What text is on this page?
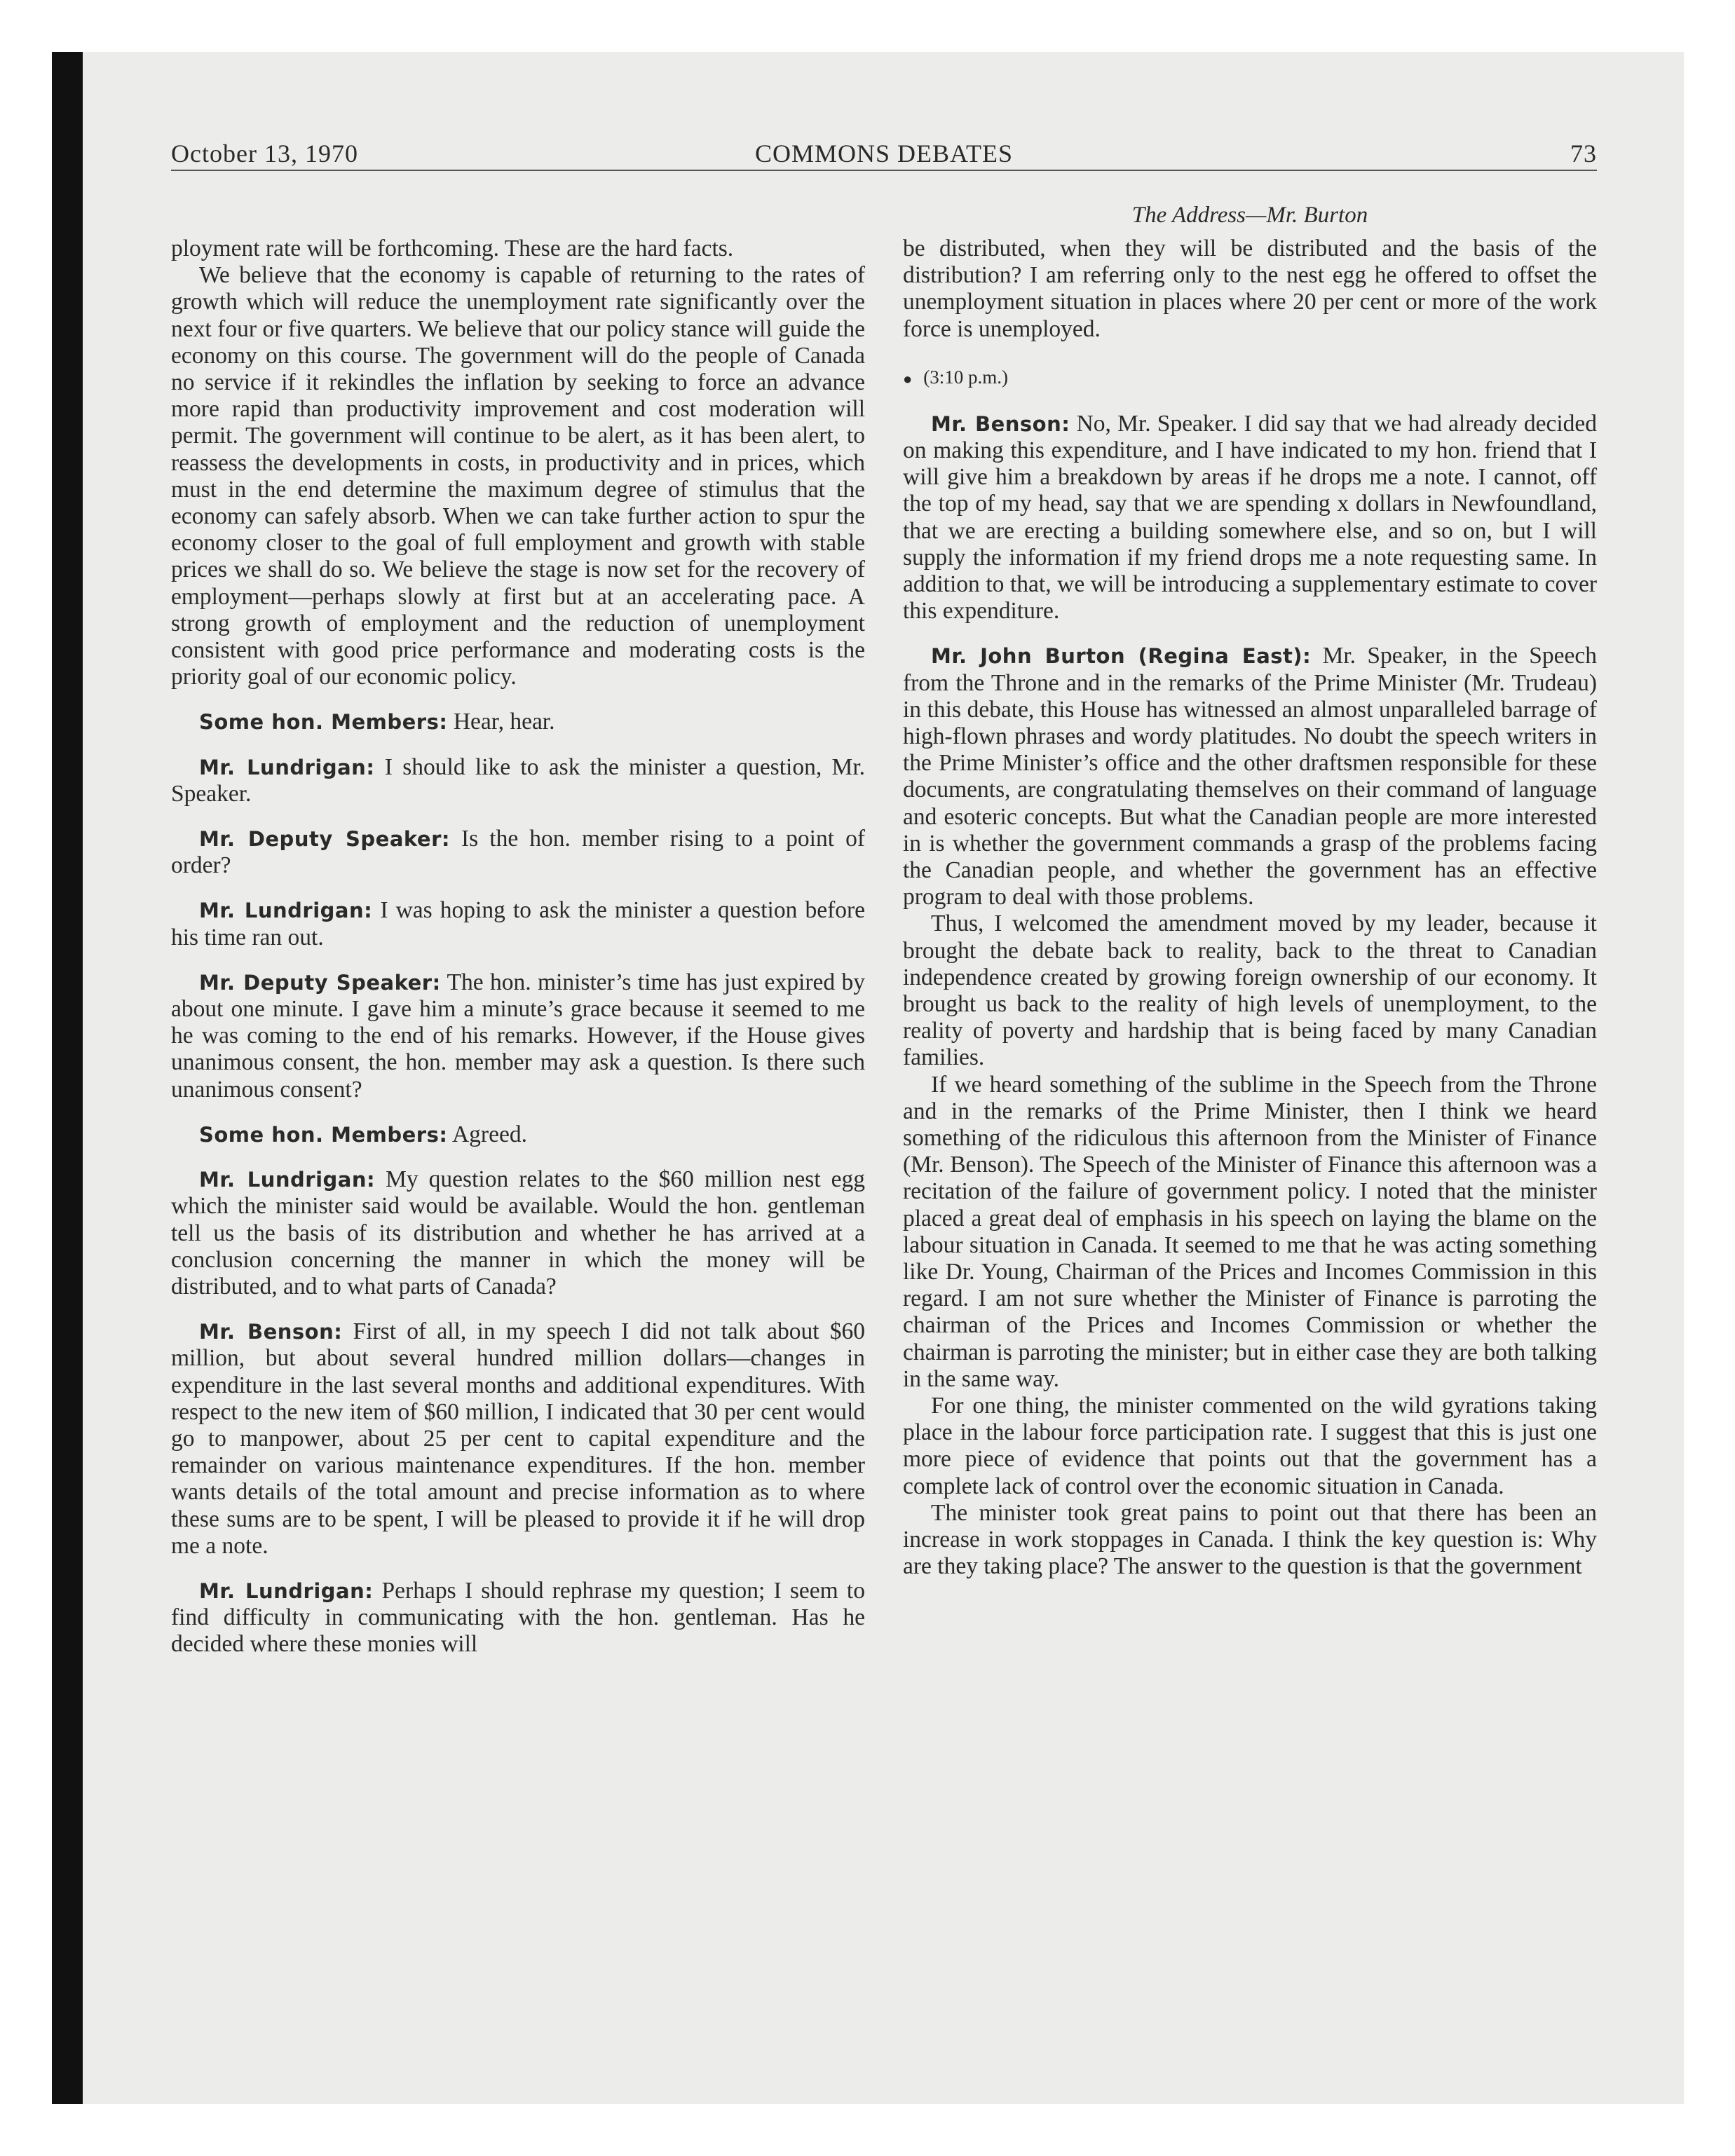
October 13, 1970	COMMONS DEBATES	73

ployment rate will be forthcoming. These are the hard facts.

We believe that the economy is capable of returning to the rates of growth which will reduce the unemployment rate significantly over the next four or five quarters. We believe that our policy stance will guide the economy on this course. The government will do the people of Canada no service if it rekindles the inflation by seeking to force an advance more rapid than productivity improvement and cost moderation will permit. The government will continue to be alert, as it has been alert, to reassess the developments in costs, in productivity and in prices, which must in the end determine the maximum degree of stimulus that the economy can safely absorb. When we can take further action to spur the economy closer to the goal of full employment and growth with stable prices we shall do so. We believe the stage is now set for the recovery of employment—perhaps slowly at first but at an accelerating pace. A strong growth of employment and the reduction of unemployment consistent with good price performance and moderating costs is the priority goal of our economic policy.

Some hon. Members: Hear, hear.

Mr. Lundrigan: I should like to ask the minister a question, Mr. Speaker.

Mr. Deputy Speaker: Is the hon. member rising to a point of order?

Mr. Lundrigan: I was hoping to ask the minister a question before his time ran out.

Mr. Deputy Speaker: The hon. minister’s time has just expired by about one minute. I gave him a minute’s grace because it seemed to me he was coming to the end of his remarks. However, if the House gives unanimous consent, the hon. member may ask a question. Is there such unanimous consent?

Some hon. Members: Agreed.

Mr. Lundrigan: My question relates to the $60 million nest egg which the minister said would be available. Would the hon. gentleman tell us the basis of its distribution and whether he has arrived at a conclusion concerning the manner in which the money will be distributed, and to what parts of Canada?

Mr. Benson: First of all, in my speech I did not talk about $60 million, but about several hundred million dollars—changes in expenditure in the last several months and additional expenditures. With respect to the new item of $60 million, I indicated that 30 per cent would go to manpower, about 25 per cent to capital expenditure and the remainder on various maintenance expenditures. If the hon. member wants details of the total amount and precise information as to where these sums are to be spent, I will be pleased to provide it if he will drop me a note.

Mr. Lundrigan: Perhaps I should rephrase my question; I seem to find difficulty in communicating with the hon. gentleman. Has he decided where these monies will

The Address—Mr. Burton

be distributed, when they will be distributed and the basis of the distribution? I am referring only to the nest egg he offered to offset the unemployment situation in places where 20 per cent or more of the work force is unemployed.

● (3:10 p.m.)

Mr. Benson: No, Mr. Speaker. I did say that we had already decided on making this expenditure, and I have indicated to my hon. friend that I will give him a breakdown by areas if he drops me a note. I cannot, off the top of my head, say that we are spending x dollars in Newfoundland, that we are erecting a building somewhere else, and so on, but I will supply the information if my friend drops me a note requesting same. In addition to that, we will be introducing a supplementary estimate to cover this expenditure.

Mr. John Burton (Regina East): Mr. Speaker, in the Speech from the Throne and in the remarks of the Prime Minister (Mr. Trudeau) in this debate, this House has witnessed an almost unparalleled barrage of high-flown phrases and wordy platitudes. No doubt the speech writers in the Prime Minister’s office and the other draftsmen responsible for these documents, are congratulating themselves on their command of language and esoteric concepts. But what the Canadian people are more interested in is whether the government commands a grasp of the problems facing the Canadian people, and whether the government has an effective program to deal with those problems.

Thus, I welcomed the amendment moved by my leader, because it brought the debate back to reality, back to the threat to Canadian independence created by growing foreign ownership of our economy. It brought us back to the reality of high levels of unemployment, to the reality of poverty and hardship that is being faced by many Canadian families.

If we heard something of the sublime in the Speech from the Throne and in the remarks of the Prime Minister, then I think we heard something of the ridiculous this afternoon from the Minister of Finance (Mr. Benson). The Speech of the Minister of Finance this afternoon was a recitation of the failure of government policy. I noted that the minister placed a great deal of emphasis in his speech on laying the blame on the labour situation in Canada. It seemed to me that he was acting something like Dr. Young, Chairman of the Prices and Incomes Commission in this regard. I am not sure whether the Minister of Finance is parroting the chairman of the Prices and Incomes Commission or whether the chairman is parroting the minister; but in either case they are both talking in the same way.

For one thing, the minister commented on the wild gyrations taking place in the labour force participation rate. I suggest that this is just one more piece of evidence that points out that the government has a complete lack of control over the economic situation in Canada.

The minister took great pains to point out that there has been an increase in work stoppages in Canada. I think the key question is: Why are they taking place? The answer to the question is that the government
